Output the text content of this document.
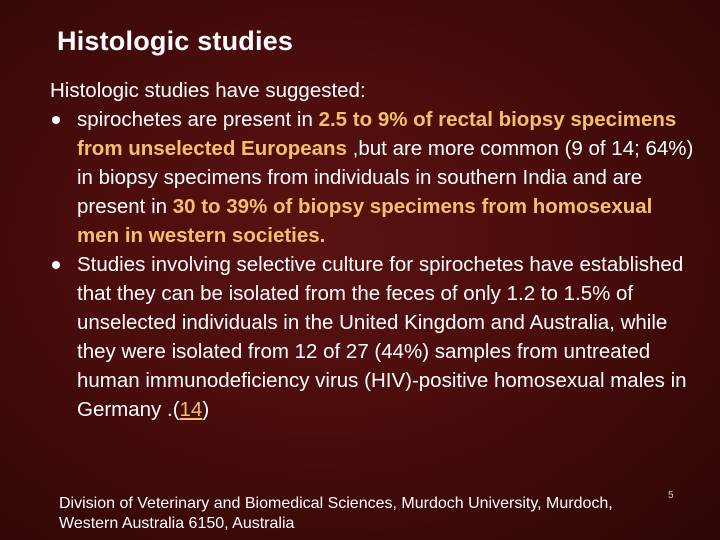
Histologic studies

Histologic studies have suggested:

spirochetes are present in 2.5 to 9% of rectal biopsy specimens from unselected Europeans ,but are more common (9 of 14; 64%) in biopsy specimens from individuals in southern India and are present in 30 to 39% of biopsy specimens from homosexual men in western societies.
Studies involving selective culture for spirochetes have established that they can be isolated from the feces of only 1.2 to 1.5% of unselected individuals in the United Kingdom and Australia, while they were isolated from 12 of 27 (44%) samples from untreated human immunodeficiency virus (HIV)-positive homosexual males in Germany .(14)
Division of Veterinary and Biomedical Sciences, Murdoch University, Murdoch,
Western Australia 6150, Australia
5
